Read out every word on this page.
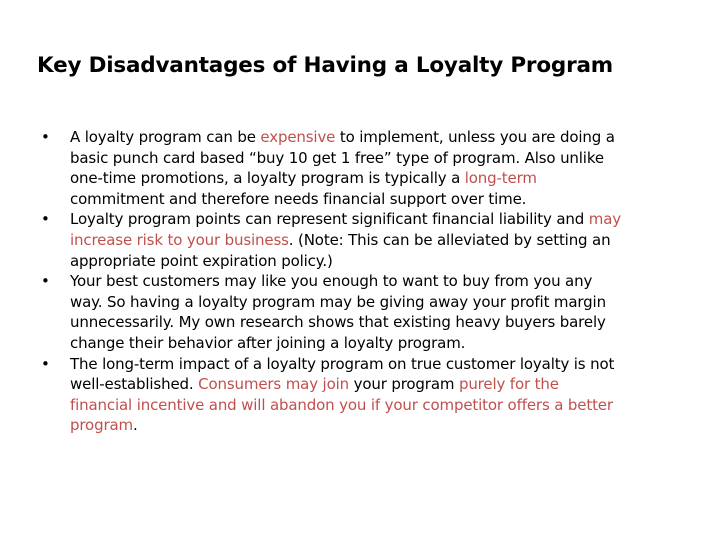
Key Disadvantages of Having a Loyalty Program
• A loyalty program can be expensive to implement, unless you are doing a
basic punch card based “buy 10 get 1 free” type of program. Also unlike
one-time promotions, a loyalty program is typically a long-term
commitment and therefore needs financial support over time.
• Loyalty program points can represent significant financial liability and may
increase risk to your business. (Note: This can be alleviated by setting an
appropriate point expiration policy.)
• Your best customers may like you enough to want to buy from you any
way. So having a loyalty program may be giving away your profit margin
unnecessarily. My own research shows that existing heavy buyers barely
change their behavior after joining a loyalty program.
• The long-term impact of a loyalty program on true customer loyalty is not
well-established. Consumers may join your program purely for the
financial incentive and will abandon you if your competitor offers a better
program.
